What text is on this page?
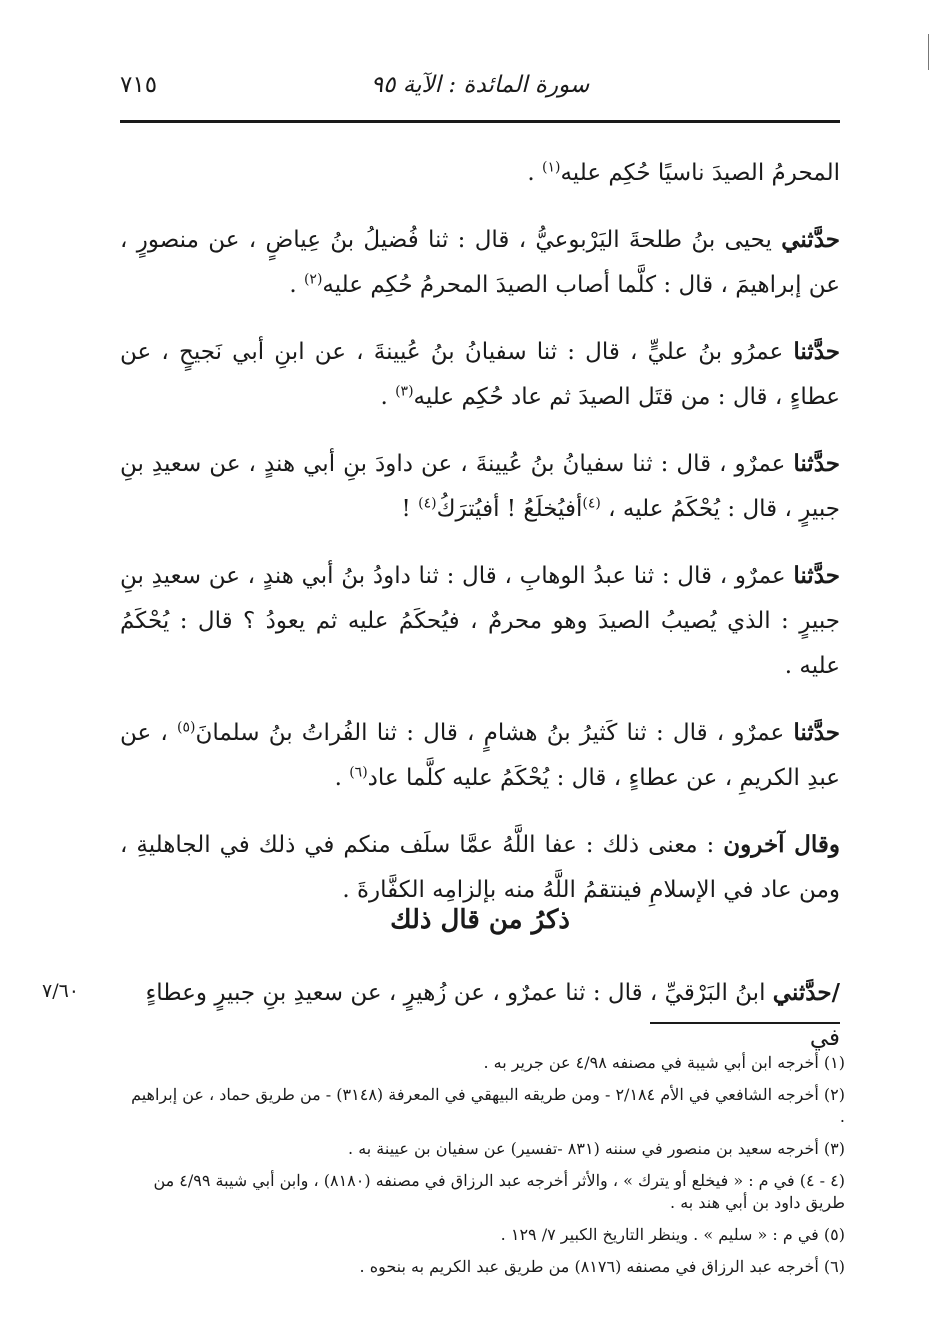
سورة المائدة : الآية ٩٥
٧١٥

المحرمُ الصيدَ ناسيًا حُكِم عليه$^{(١)}$ .

حدَّثني يحيى بنُ طلحةَ اليَرْبوعيُّ ، قال : ثنا فُضيلُ بنُ عِياضٍ ، عن منصورٍ ، عن إبراهيمَ ، قال : كلَّما أصاب الصيدَ المحرمُ حُكِم عليه$^{(٢)}$ .

حدَّثنا عمرُو بنُ عليٍّ ، قال : ثنا سفيانُ بنُ عُيينةَ ، عن ابنِ أبي نَجيحٍ ، عن عطاءٍ ، قال : من قتَل الصيدَ ثم عاد حُكِم عليه$^{(٣)}$ .

حدَّثنا عمرٌو ، قال : ثنا سفيانُ بنُ عُيينةَ ، عن داودَ بنِ أبي هندٍ ، عن سعيدِ بنِ جبيرٍ ، قال : يُحْكَمُ عليه ، $^{(٤)}$أفيُخلَعُ ! أفيُترَكُ$^{(٤)}$ !

حدَّثنا عمرٌو ، قال : ثنا عبدُ الوهابِ ، قال : ثنا داودُ بنُ أبي هندٍ ، عن سعيدِ بنِ جبيرٍ : الذي يُصيبُ الصيدَ وهو محرمٌ ، فيُحكَمُ عليه ثم يعودُ ؟ قال : يُحْكَمُ عليه .

حدَّثنا عمرٌو ، قال : ثنا كَثيرُ بنُ هشامٍ ، قال : ثنا الفُراتُ بنُ سلمانَ$^{(٥)}$ ، عن عبدِ الكريمِ ، عن عطاءٍ ، قال : يُحْكَمُ عليه كلَّما عاد$^{(٦)}$ .

وقال آخرون : معنى ذلك : عفا اللَّهُ عمَّا سلَف منكم في ذلك في الجاهليةِ ، ومن عاد في الإسلامِ فينتقمُ اللَّهُ منه بإلزامِه الكفَّارةَ .

ذكرُ من قال ذلك
/حدَّثني ابنُ البَرْقيِّ ، قال : ثنا عمرٌو ، عن زُهيرٍ ، عن سعيدِ بنِ جبيرٍ وعطاءٍ في
٧/٦٠
(١) أخرجه ابن أبي شيبة في مصنفه ٤/٩٨ عن جرير به .
(٢) أخرجه الشافعي في الأم ٢/١٨٤ - ومن طريقه البيهقي في المعرفة (٣١٤٨) - من طريق حماد ، عن إبراهيم .
(٣) أخرجه سعيد بن منصور في سننه (٨٣١ -تفسير) عن سفيان بن عيينة به .
(٤ - ٤) في م : « فيخلع أو يترك » ، والأثر أخرجه عبد الرزاق في مصنفه (٨١٨٠) ، وابن أبي شيبة ٤/٩٩ من طريق داود بن أبي هند به .
(٥) في م : « سليم » . وينظر التاريخ الكبير ٧/ ١٢٩ .
(٦) أخرجه عبد الرزاق في مصنفه (٨١٧٦) من طريق عبد الكريم به بنحوه .
